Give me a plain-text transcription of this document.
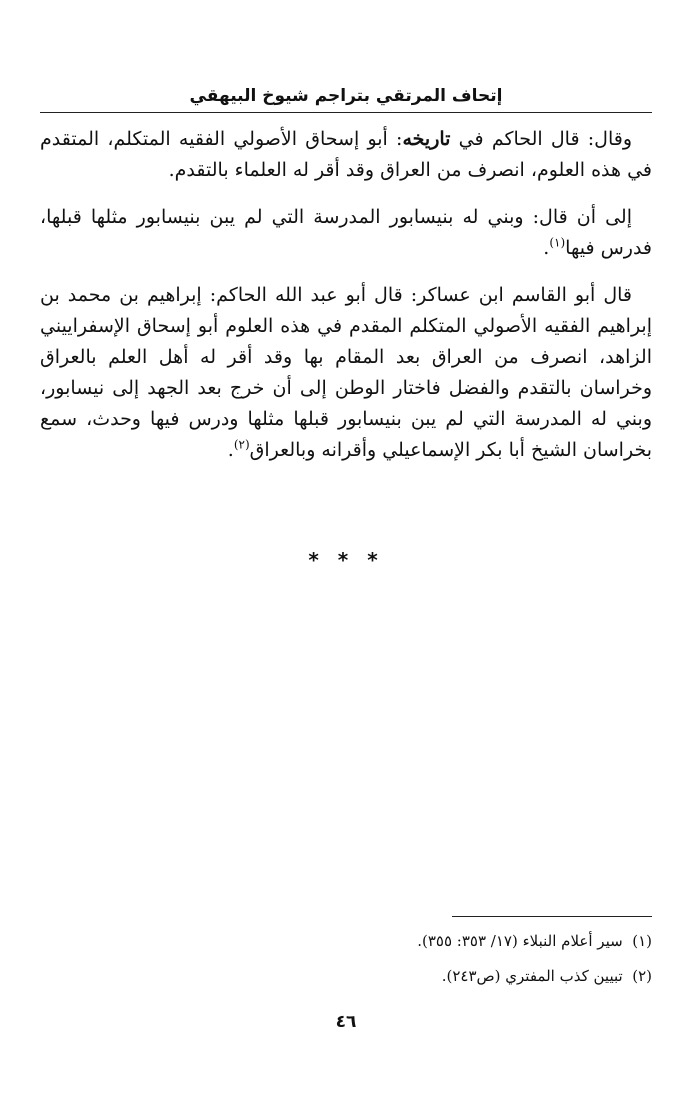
إتحاف المرتقي بتراجم شيوخ البيهقي

وقال: قال الحاكم في تاريخه: أبو إسحاق الأصولي الفقيه المتكلم، المتقدم في هذه العلوم، انصرف من العراق وقد أقر له العلماء بالتقدم.

إلى أن قال: وبني له بنيسابور المدرسة التي لم يبن بنيسابور مثلها قبلها، فدرس فيها$^{(١)}$.

قال أبو القاسم ابن عساكر: قال أبو عبد الله الحاكم: إبراهيم بن محمد بن إبراهيم الفقيه الأصولي المتكلم المقدم في هذه العلوم أبو إسحاق الإسفراييني الزاهد، انصرف من العراق بعد المقام بها وقد أقر له أهل العلم بالعراق وخراسان بالتقدم والفضل فاختار الوطن إلى أن خرج بعد الجهد إلى نيسابور، وبني له المدرسة التي لم يبن بنيسابور قبلها مثلها ودرس فيها وحدث، سمع بخراسان الشيخ أبا بكر الإسماعيلي وأقرانه وبالعراق$^{(٢)}$.

* * *

(١)  سير أعلام النبلاء (١٧/ ٣٥٣: ٣٥٥).

(٢)  تبيين كذب المفتري (ص٢٤٣).

٤٦
